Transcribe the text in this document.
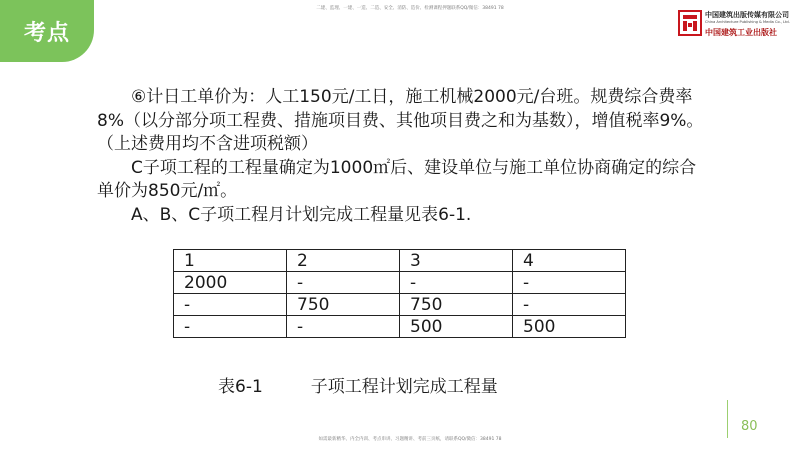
考点
二建、监理、一建、一造、二造、安全、消防、造价、检测课程押题联系QQ/微信：38491 78
中国建筑出版传媒有限公司
China Architecture Publishing & Media Co., Ltd.
中国建筑工业出版社

⑥计日工单价为：人工150元/工日，施工机械2000元/台班。规费综合费率8%（以分部分项工程费、措施项目费、其他项目费之和为基数），增值税率9%。（上述费用均不含进项税额）

C子项工程的工程量确定为1000㎡后、建设单位与施工单位协商确定的综合单价为850元/㎡。

A、B、C子项工程月计划完成工程量见表6-1.

1	2	3	4
2000	-	-	-
-	750	750	-
-	-	500	500
表6-1	子项工程计划完成工程量
80
如需最新精华、内全内训、考点串讲、习题精讲、考前三页纸，请联系QQ/微信：38491 78
